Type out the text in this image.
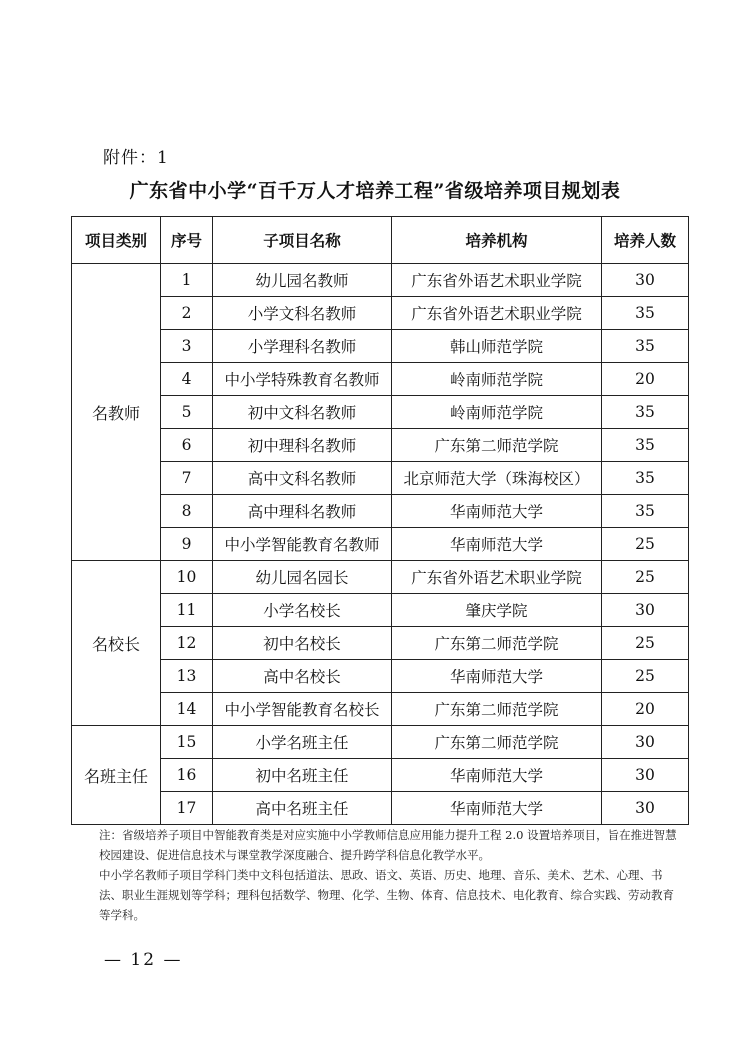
附件：1
广东省中小学“百千万人才培养工程”省级培养项目规划表
项目类别	序号	子项目名称	培养机构	培养人数
名教师	1	幼儿园名教师	广东省外语艺术职业学院	30
	2	小学文科名教师	广东省外语艺术职业学院	35
	3	小学理科名教师	韩山师范学院	35
	4	中小学特殊教育名教师	岭南师范学院	20
	5	初中文科名教师	岭南师范学院	35
	6	初中理科名教师	广东第二师范学院	35
	7	高中文科名教师	北京师范大学（珠海校区）	35
	8	高中理科名教师	华南师范大学	35
	9	中小学智能教育名教师	华南师范大学	25
名校长	10	幼儿园名园长	广东省外语艺术职业学院	25
	11	小学名校长	肇庆学院	30
	12	初中名校长	广东第二师范学院	25
	13	高中名校长	华南师范大学	25
	14	中小学智能教育名校长	广东第二师范学院	20
名班主任	15	小学名班主任	广东第二师范学院	30
	16	初中名班主任	华南师范大学	30
	17	高中名班主任	华南师范大学	30

注：省级培养子项目中智能教育类是对应实施中小学教师信息应用能力提升工程 2.0 设置培养项目，旨在推进智慧校园建设、促进信息技术与课堂教学深度融合、提升跨学科信息化教学水平。

中小学名教师子项目学科门类中文科包括道法、思政、语文、英语、历史、地理、音乐、美术、艺术、心理、书法、职业生涯规划等学科；理科包括数学、物理、化学、生物、体育、信息技术、电化教育、综合实践、劳动教育等学科。

— 12 —
